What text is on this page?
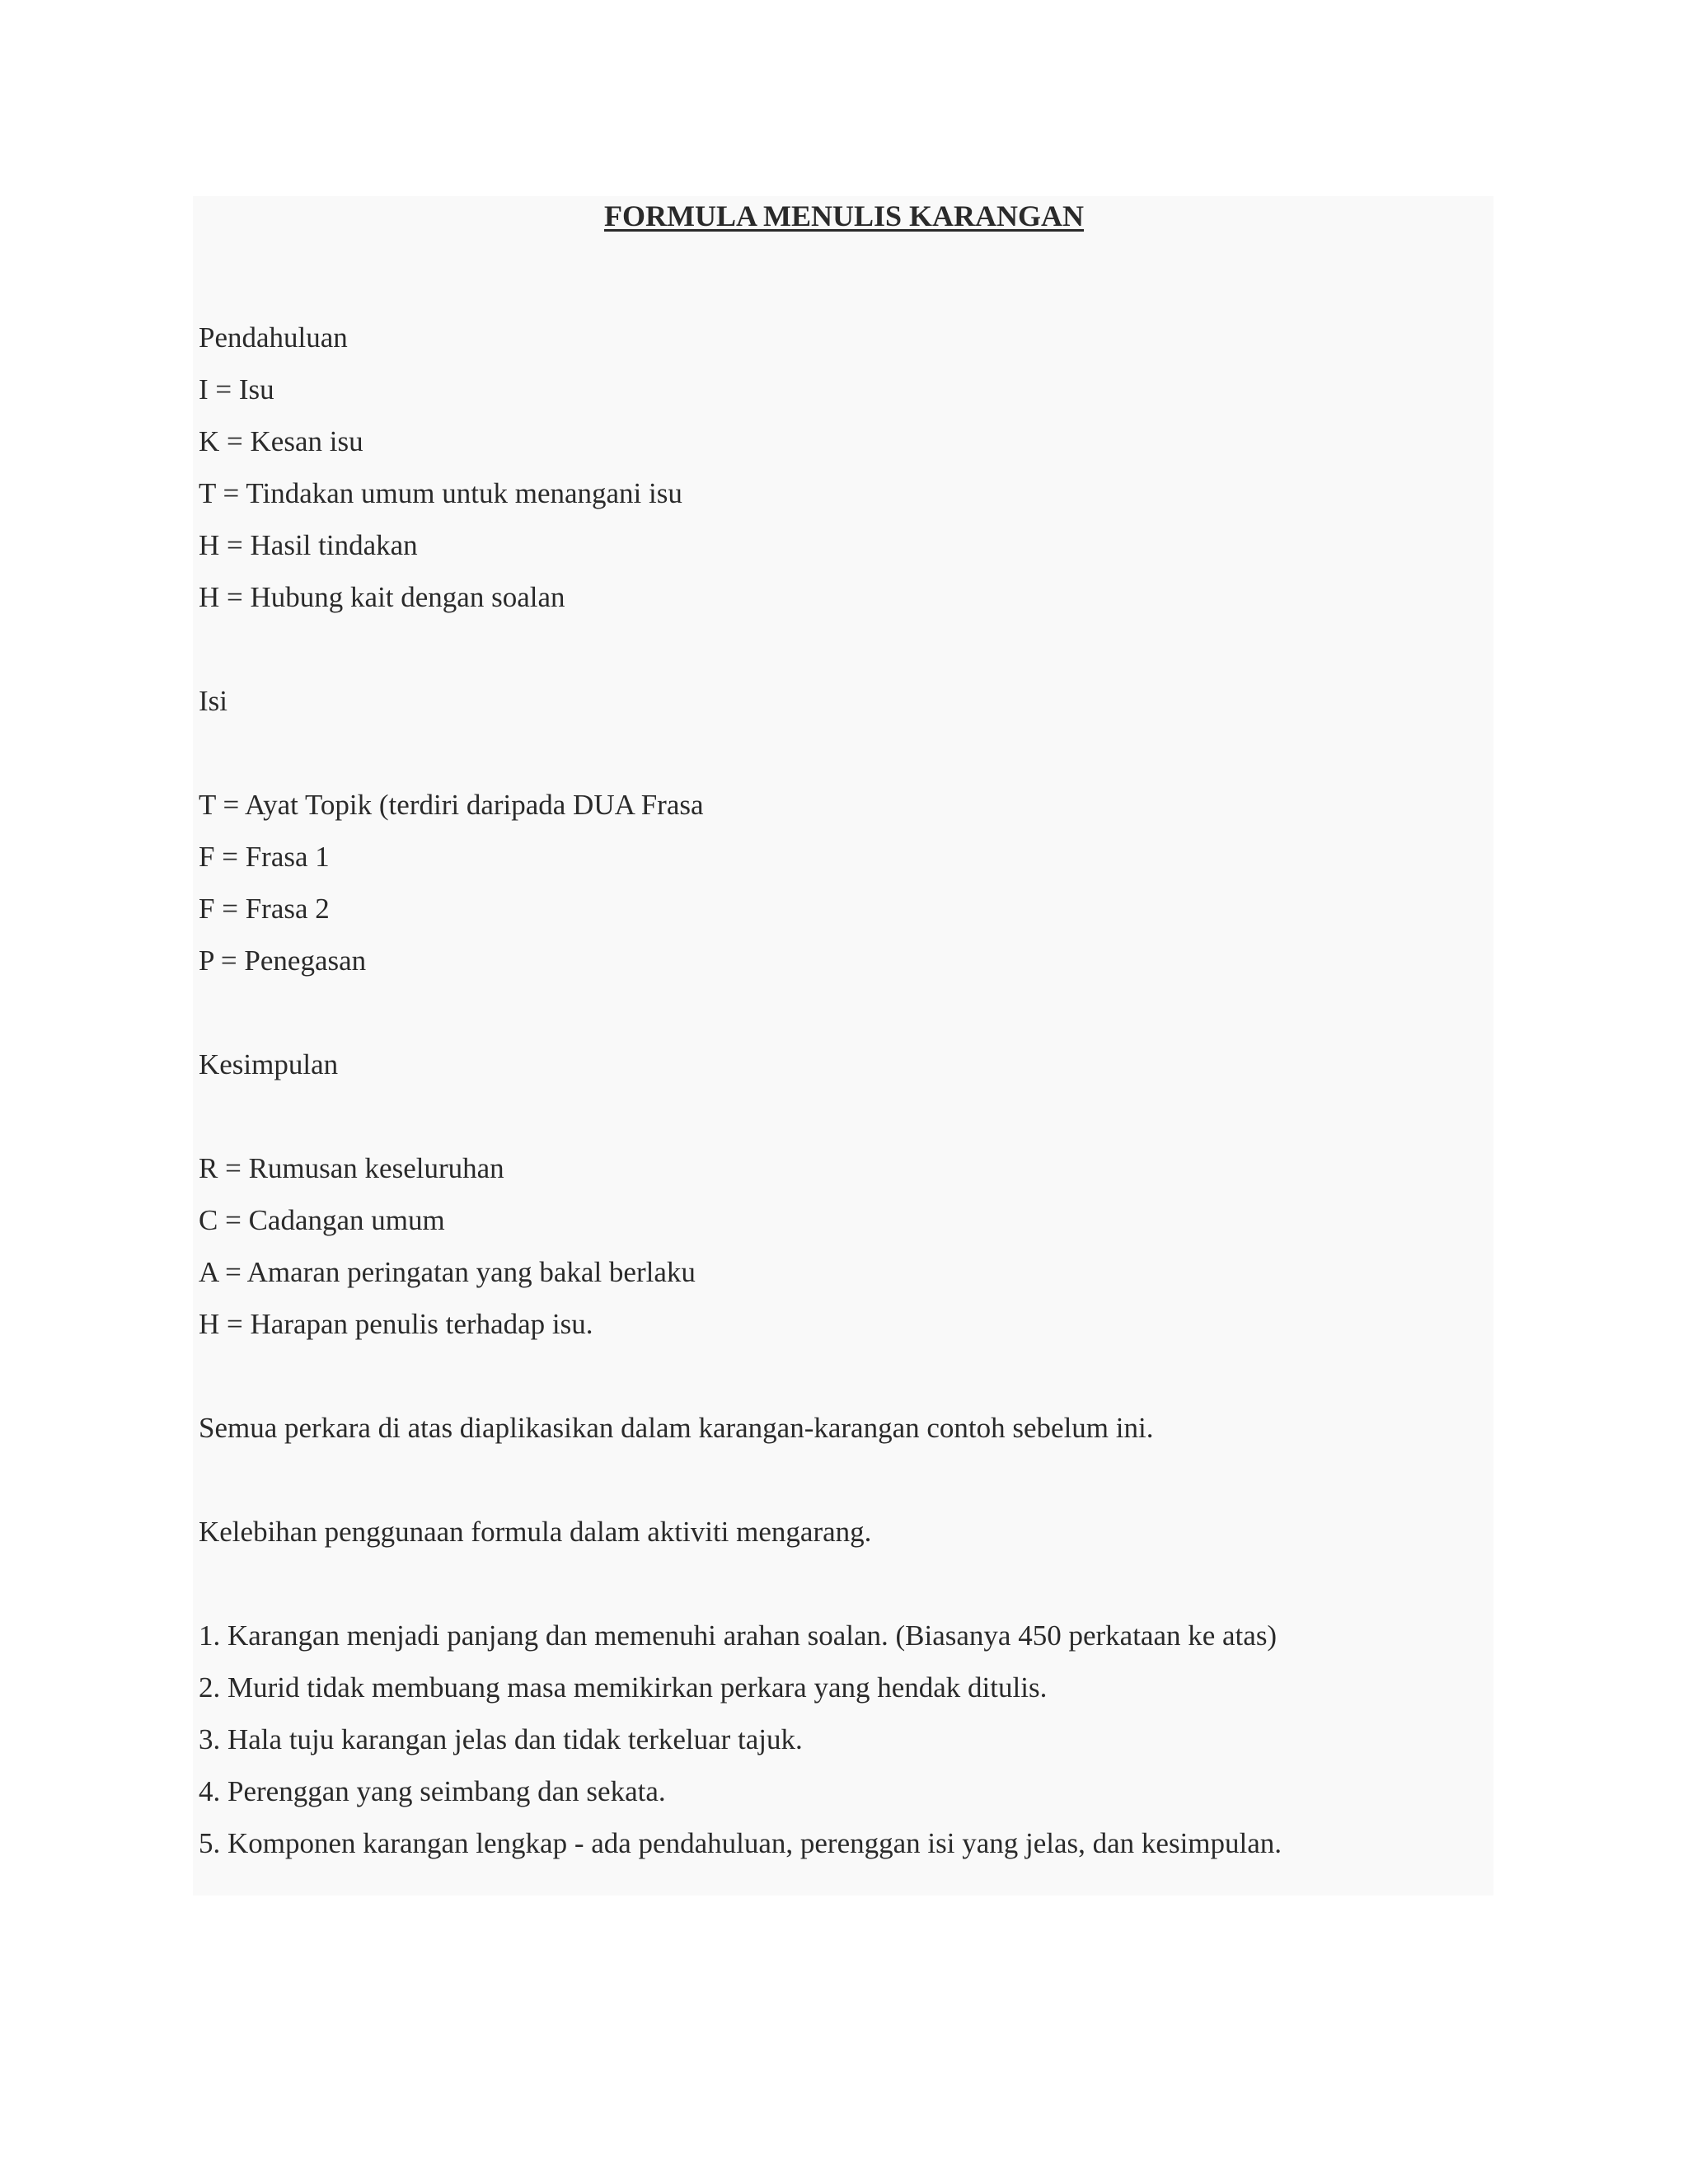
FORMULA MENULIS KARANGAN
Pendahuluan
I = Isu
K = Kesan isu
T = Tindakan umum untuk menangani isu
H = Hasil tindakan
H = Hubung kait dengan soalan
Isi
T = Ayat Topik (terdiri daripada DUA Frasa
F = Frasa 1
F = Frasa 2
P = Penegasan
Kesimpulan
R = Rumusan keseluruhan
C = Cadangan umum
A = Amaran peringatan yang bakal berlaku
H = Harapan penulis terhadap isu.
Semua perkara di atas diaplikasikan dalam karangan-karangan contoh sebelum ini.
Kelebihan penggunaan formula dalam aktiviti mengarang.
1. Karangan menjadi panjang dan memenuhi arahan soalan. (Biasanya 450 perkataan ke atas)
2. Murid tidak membuang masa memikirkan perkara yang hendak ditulis.
3. Hala tuju karangan jelas dan tidak terkeluar tajuk.
4. Perenggan yang seimbang dan sekata.
5. Komponen karangan lengkap - ada pendahuluan, perenggan isi yang jelas, dan kesimpulan.
